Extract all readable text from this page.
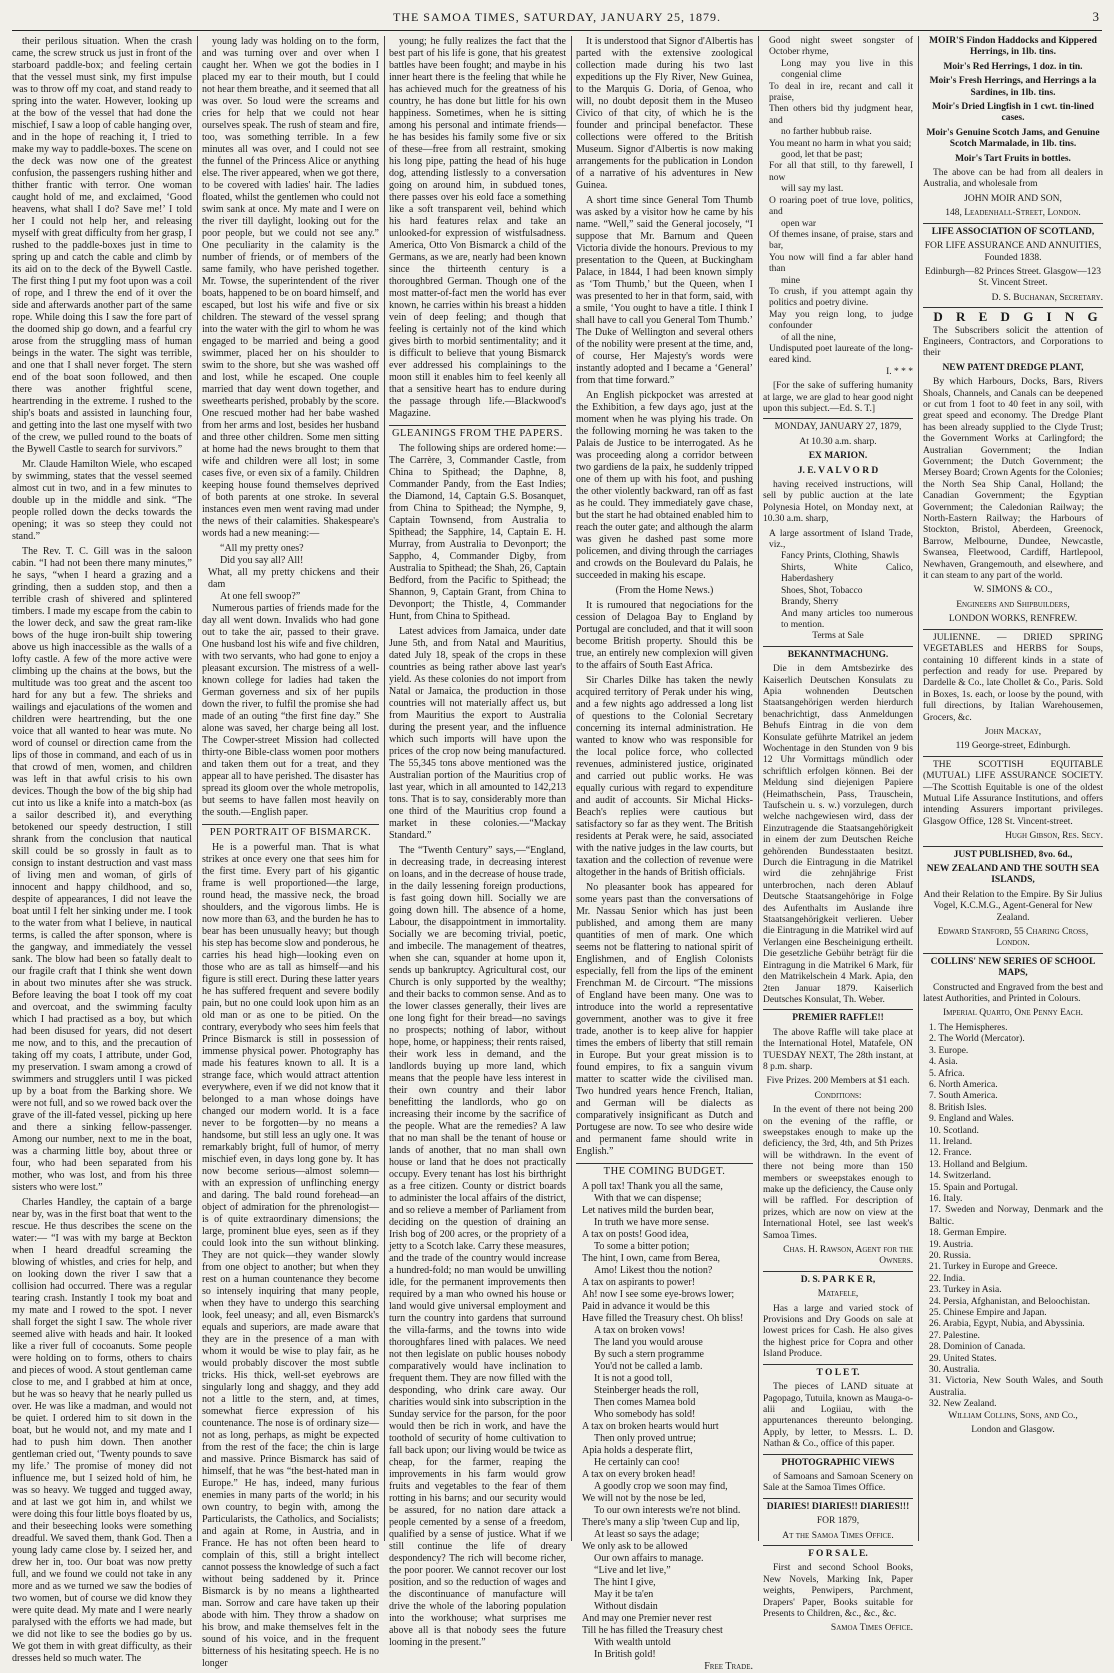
THE SAMOA TIMES, SATURDAY, JANUARY 25, 1879.	3

their perilous situation. When the crash came, the screw struck us just in front of the starboard paddle-box; and feeling certain that the vessel must sink, my first impulse was to throw off my coat, and stand ready to spring into the water. However, looking up at the bow of the vessel that had done the mischief, I saw a loop of cable hanging over, and in the hope of reaching it, I tried to make my way to paddle-boxes. The scene on the deck was now one of the greatest confusion, the passengers rushing hither and thither frantic with terror. One woman caught hold of me, and exclaimed, ‘Good heavens, what shall I do? Save me!’ I told her I could not help her, and releasing myself with great difficulty from her grasp, I rushed to the paddle-boxes just in time to spring up and catch the cable and climb by its aid on to the deck of the Bywell Castle. The first thing I put my foot upon was a coil of rope, and I threw the end of it over the side and afterwards another part of the same rope. While doing this I saw the fore part of the doomed ship go down, and a fearful cry arose from the struggling mass of human beings in the water. The sight was terrible, and one that I shall never forget. The stern end of the boat soon followed, and then there was another frightful scene, heartrending in the extreme. I rushed to the ship's boats and assisted in launching four, and getting into the last one myself with two of the crew, we pulled round to the boats of the Bywell Castle to search for survivors.”

Mr. Claude Hamilton Wiele, who escaped by swimming, states that the vessel seemed almost cut in two, and in a few minutes to double up in the middle and sink. “The people rolled down the decks towards the opening; it was so steep they could not stand.”

The Rev. T. C. Gill was in the saloon cabin. “I had not been there many minutes,” he says, “when I heard a grazing and a grinding, then a sudden stop, and then a terrible crash of shivered and splintered timbers. I made my escape from the cabin to the lower deck, and saw the great ram-like bows of the huge iron-built ship towering above us high inaccessible as the walls of a lofty castle. A few of the more active were climbing up the chains at the bows, but the multitude was too great and the ascent too hard for any but a few. The shrieks and wailings and ejaculations of the women and children were heartrending, but the one voice that all wanted to hear was mute. No word of counsel or direction came from the lips of those in command, and each of us in that crowd of men, women, and children was left in that awful crisis to his own devices. Though the bow of the big ship had cut into us like a knife into a match-box (as a sailor described it), and everything betokened our speedy destruction, I still shrank from the conclusion that nautical skill could be so grossly in fault as to consign to instant destruction and vast mass of living men and woman, of girls of innocent and happy childhood, and so, despite of appearances, I did not leave the boat until I felt her sinking under me. I took to the water from what I believe, in nautical terms, is called the after sponson, where is the gangway, and immediately the vessel sank. The blow had been so fatally dealt to our fragile craft that I think she went down in about two minutes after she was struck. Before leaving the boat I took off my coat and overcoat, and the swimming faculty which I had practised as a boy, but which had been disused for years, did not desert me now, and to this, and the precaution of taking off my coats, I attribute, under God, my preservation. I swam among a crowd of swimmers and strugglers until I was picked up by a boat from the Barking shore. We were not full, and so we rowed back over the grave of the ill-fated vessel, picking up here and there a sinking fellow-passenger. Among our number, next to me in the boat, was a charming little boy, about three or four, who had been separated from his mother, who was lost, and from his three sisters who were lost.”

Charles Handley, the captain of a barge near by, was in the first boat that went to the rescue. He thus describes the scene on the water:— “I was with my barge at Beckton when I heard dreadful screaming the blowing of whistles, and cries for help, and on looking down the river I saw that a collision had occurred. There was a regular tearing crash. Instantly I took my boat and my mate and I rowed to the spot. I never shall forget the sight I saw. The whole river seemed alive with heads and hair. It looked like a river full of cocoanuts. Some people were holding on to forms, others to chairs and pieces of wood. A stout gentleman came close to me, and I grabbed at him at once, but he was so heavy that he nearly pulled us over. He was like a madman, and would not be quiet. I ordered him to sit down in the boat, but he would not, and my mate and I had to push him down. Then another gentleman cried out, ‘Twenty pounds to save my life.’ The promise of money did not influence me, but I seized hold of him, he was so heavy. We tugged and tugged away, and at last we got him in, and whilst we were doing this four little boys floated by us, and their beseeching looks were something dreadful. We saved them, thank God. Then a young lady came close by. I seized her, and drew her in, too. Our boat was now pretty full, and we found we could not take in any more and as we turned we saw the bodies of two women, but of course we did know they were quite dead. My mate and I were nearly paralysed with the efforts we had made, but we did not like to see the bodies go by us. We got them in with great difficulty, as their dresses held so much water. The

young lady was holding on to the form, and was turning over and over when I caught her. When we got the bodies in I placed my ear to their mouth, but I could not hear them breathe, and it seemed that all was over. So loud were the screams and cries for help that we could not hear ourselves speak. The rush of steam and fire, too, was something terrible. In a few minutes all was over, and I could not see the funnel of the Princess Alice or anything else. The river appeared, when we got there, to be covered with ladies' hair. The ladies floated, whilst the gentlemen who could not swim sank at once. My mate and I were on the river till daylight, looking out for the poor people, but we could not see any.” One peculiarity in the calamity is the number of friends, or of members of the same family, who have perished together. Mr. Towse, the superintendent of the river boats, happened to be on board himself, and escaped, but lost his wife and five or six children. The steward of the vessel sprang into the water with the girl to whom he was engaged to be married and being a good swimmer, placed her on his shoulder to swim to the shore, but she was washed off and lost, while he escaped. One couple married that day went down together, and sweethearts perished, probably by the score. One rescued mother had her babe washed from her arms and lost, besides her husband and three other children. Some men sitting at home had the news brought to them that wife and children were all lost; in some cases five, or even six of a family. Children keeping house found themselves deprived of both parents at one stroke. In several instances even men went raving mad under the news of their calamities. Shakespeare's words had a new meaning:—

“All my pretty ones?

Did you say all? All!

What, all my pretty chickens and their dam

At one fell swoop?”

Numerous parties of friends made for the day all went down. Invalids who had gone out to take the air, passed to their grave. One husband lost his wife and five children, with two servants, who had gone to enjoy a pleasant excursion. The mistress of a well-known college for ladies had taken the German governess and six of her pupils down the river, to fulfil the promise she had made of an outing “the first fine day.” She alone was saved, her charge being all lost. The Cowper-street Mission had collected thirty-one Bible-class women poor mothers and taken them out for a treat, and they appear all to have perished. The disaster has spread its gloom over the whole metropolis, but seems to have fallen most heavily on the south.—English paper.

PEN PORTRAIT OF BISMARCK.

He is a powerful man. That is what strikes at once every one that sees him for the first time. Every part of his gigantic frame is well proportioned—the large, round head, the massive neck, the broad shoulders, and the vigorous limbs. He is now more than 63, and the burden he has to bear has been unusually heavy; but though his step has become slow and ponderous, he carries his head high—looking even on those who are as tall as himself—and his figure is still erect. During these latter years he has suffered frequent and severe bodily pain, but no one could look upon him as an old man or as one to be pitied. On the contrary, everybody who sees him feels that Prince Bismarck is still in possession of immense physical power. Photography has made his features known to all. It is a strange face, which would attract attention everywhere, even if we did not know that it belonged to a man whose doings have changed our modern world. It is a face never to be forgotten—by no means a handsome, but still less an ugly one. It was remarkably bright, full of humor, of merry mischief even, in days long gone by. It has now become serious—almost solemn—with an expression of unflinching energy and daring. The bald round forehead—an object of admiration for the phrenologist—is of quite extraordinary dimensions; the large, prominent blue eyes, seen as if they could look into the sun without blinking. They are not quick—they wander slowly from one object to another; but when they rest on a human countenance they become so intensely inquiring that many people, when they have to undergo this searching look, feel uneasy; and all, even Bismarck's equals and superiors, are made aware that they are in the presence of a man with whom it would be wise to play fair, as he would probably discover the most subtle tricks. His thick, well-set eyebrows are singularly long and shaggy, and they add not a little to the stern, and, at times, somewhat fierce expression of his countenance. The nose is of ordinary size—not as long, perhaps, as might be expected from the rest of the face; the chin is large and massive. Prince Bismarck has said of himself, that he was “the best-hated man in Europe.” He has, indeed, many furious enemies in many parts of the world; in his own country, to begin with, among the Particularists, the Catholics, and Socialists; and again at Rome, in Austria, and in France. He has not often been heard to complain of this, still a bright intellect cannot possess the knowledge of such a fact without being saddened by it. Prince Bismarck is by no means a lighthearted man. Sorrow and care have taken up their abode with him. They throw a shadow on his brow, and make themselves felt in the sound of his voice, and in the frequent bitterness of his hesitating speech. He is no longer

young; he fully realizes the fact that the best part of his life is gone, that his greatest battles have been fought; and maybe in his inner heart there is the feeling that while he has achieved much for the greatness of his country, he has done but little for his own happiness. Sometimes, when he is sitting among his personal and intimate friends—he has besides his family some five or six of these—free from all restraint, smoking his long pipe, patting the head of his huge dog, attending listlessly to a conversation going on around him, in subdued tones, there passes over his eold face a something like a soft transparent veil, behind which his hard features relax and take an unlooked-for expression of wistfulsadness. America, Otto Von Bismarck a child of the Germans, as we are, nearly had been known since the thirteenth century is a thoroughbred German. Though one of the most matter-of-fact men the world has ever known, he carries within his breast a hidden vein of deep feeling; and though that feeling is certainly not of the kind which gives birth to morbid sentimentality; and it is difficult to believe that young Bismarck ever addressed his complainings to the moon still it enables him to feel keenly all that a sensitive heart has to endure during the passage through life.—Blackwood's Magazine.

GLEANINGS FROM THE PAPERS.

The following ships are ordered home:—The Carrère, 3, Commander Castle, from China to Spithead; the Daphne, 8, Commander Pandy, from the East Indies; the Diamond, 14, Captain G.S. Bosanquet, from China to Spithead; the Nymphe, 9, Captain Townsend, from Australia to Spithead; the Sapphire, 14, Captain E. H. Murray, from Australia to Devonport; the Sappho, 4, Commander Digby, from Australia to Spithead; the Shah, 26, Captain Bedford, from the Pacific to Spithead; the Shannon, 9, Captain Grant, from China to Devonport; the Thistle, 4, Commander Hunt, from China to Spithead.

Latest advices from Jamaica, under date June 5th, and from Natal and Mauritius, dated July 18, speak of the crops in these countries as being rather above last year's yield. As these colonies do not import from Natal or Jamaica, the production in those countries will not materially affect us, but from Mauritius the export to Australia during the present year, and the influence which such imports will have upon the prices of the crop now being manufactured. The 55,345 tons above mentioned was the Australian portion of the Mauritius crop of last year, which in all amounted to 142,213 tons. That is to say, considerably more than one third of the Mauritius crop found a market in these colonies.—“Mackay Standard.”

The “Twenth Century” says,—“England, in decreasing trade, in decreasing interest on loans, and in the decrease of house trade, in the daily lessening foreign productions, is fast going down hill. Socially we are going down hill. The absence of a home, Labour, the disappointment in immortality. Socially we are becoming trivial, poetic, and imbecile. The management of theatres, when she can, squander at home upon it, sends up bankruptcy. Agricultural cost, our Church is only supported by the wealthy; and their backs to common sense. And as to the lower classes generally, their lives are one long fight for their bread—no savings no prospects; nothing of labor, without hope, home, or happiness; their rents raised, their work less in demand, and the landlords buying up more land, which means that the people have less interest in their own country and their labor benefitting the landlords, who go on increasing their income by the sacrifice of the people. What are the remedies? A law that no man shall be the tenant of house or lands of another, that no man shall own house or land that he does not practically occupy. Every tenant has lost his birthright as a free citizen. County or district boards to administer the local affairs of the district, and so relieve a member of Parliament from deciding on the question of draining an Irish bog of 200 acres, or the propriety of a jetty to a Scotch lake. Carry these measures, and the trade of the country would increase a hundred-fold; no man would be unwilling idle, for the permanent improvements then required by a man who owned his house or land would give universal employment and turn the country into gardens that surround the villa-farms, and the towns into wide thoroughfares lined with palaces. We need not then legislate on public houses nobody comparatively would have inclination to frequent them. They are now filled with the desponding, who drink care away. Our charities would sink into subscription in the Sunday service for the parson, for the poor would then be rich in work, and have the toothold of security of home cultivation to fall back upon; our living would be twice as cheap, for the farmer, reaping the improvements in his farm would grow fruits and vegetables to the fear of them rotting in his barns; and our security would be assured, for no nation dare attack a people cemented by a sense of a freedom, qualified by a sense of justice. What if we still continue the life of dreary despondency? The rich will become richer, the poor poorer. We cannot recover our lost position, and so the reduction of wages and the discontinuance of manufacture will drive the whole of the laboring population into the workhouse; what surprises me above all is that nobody sees the future looming in the present.”

It is understood that Signor d'Albertis has parted with the extensive zoological collection made during his two last expeditions up the Fly River, New Guinea, to the Marquis G. Doria, of Genoa, who will, no doubt deposit them in the Museo Civico of that city, of which he is the founder and principal benefactor. These collections were offered to the British Museum. Signor d'Albertis is now making arrangements for the publication in London of a narrative of his adventures in New Guinea.

A short time since General Tom Thumb was asked by a visitor how he came by his name. “Well,” said the General jocosely, “I suppose that Mr. Barnum and Queen Victoria divide the honours. Previous to my presentation to the Queen, at Buckingham Palace, in 1844, I had been known simply as ‘Tom Thumb,’ but the Queen, when I was presented to her in that form, said, with a smile, ‘You ought to have a title. I think I shall have to call you General Tom Thumb.’ The Duke of Wellington and several others of the nobility were present at the time, and, of course, Her Majesty's words were instantly adopted and I became a ‘General’ from that time forward.”

An English pickpocket was arrested at the Exhibition, a few days ago, just at the moment when he was plying his trade. On the following morning he was taken to the Palais de Justice to be interrogated. As he was proceeding along a corridor between two gardiens de la paix, he suddenly tripped one of them up with his foot, and pushing the other violently backward, ran off as fast as he could. They immediately gave chase, but the start he had obtained enabled him to reach the outer gate; and although the alarm was given he dashed past some more policemen, and diving through the carriages and crowds on the Boulevard du Palais, he succeeded in making his escape.

(From the Home News.)

It is rumoured that negociations for the cession of Delagoa Bay to England by Portugal are concluded, and that it will soon become British property. Should this be true, an entirely new complexion will given to the affairs of South East Africa.

Sir Charles Dilke has taken the newly acquired territory of Perak under his wing, and a few nights ago addressed a long list of questions to the Colonial Secretary concerning its internal administration. He wanted to know who was responsible for the local police force, who collected revenues, administered justice, originated and carried out public works. He was equally curious with regard to expenditure and audit of accounts. Sir Michal Hicks-Beach's replies were cautious but satisfactory so far as they went. The British residents at Perak were, he said, associated with the native judges in the law courts, but taxation and the collection of revenue were altogether in the hands of British officials.

No pleasanter book has appeared for some years past than the conversations of Mr. Nassau Senior which has just been published, and among them are many quantities of men of mark. One which seems not be flattering to national spirit of Englishmen, and of English Colonists especially, fell from the lips of the eminent Frenchman M. de Circourt. “The missions of England have been many. One was to introduce into the world a representative government, another was to give it free trade, another is to keep alive for happier times the embers of liberty that still remain in Europe. But your great mission is to found empires, to fix a sanguin vivum matter to scatter wide the civilised man. Two hundred years hence French, Italian, and German will be dialects as comparatively insignificant as Dutch and Portugese are now. To see who desire wide and permanent fame should write in English.”

THE COMING BUDGET.

A poll tax! Thank you all the same,

With that we can dispense;

Let natives mild the burden bear,

In truth we have more sense.

A tax on posts! Good idea,

To some a bitter potion;

The hint, I own, came from Berea,

Amo! Likest thou the notion?

A tax on aspirants to power!

Ah! now I see some eye-brows lower;

Paid in advance it would be this

Have filled the Treasury chest. Oh bliss!

A tax on broken vows!

The land you would arouse

By such a stern programme

You'd not be called a lamb.

It is not a good toll,

Steinberger heads the roll,

Then comes Mamea bold

Who somebody has sold!

A tax on broken hearts would hurt

Then only proved untrue;

Apia holds a desperate flirt,

He certainly can coo!

A tax on every broken head!

A goodly crop we soon may find,

We will not by the nose be led,

To our own interests we're not blind.

There's many a slip 'tween Cup and lip,

At least so says the adage;

We only ask to be allowed

Our own affairs to manage.

“Live and let live,”

The hint I give,

May it be ta'en

Without disdain

And may one Premier never rest

Till he has filled the Treasury chest

With wealth untold

In British gold!

Free Trade.

Good night sweet songster of October rhyme,

Long may you live in this congenial clime

To deal in ire, recant and call it praise,

Then others bid thy judgment hear, and

no farther hubbub raise.

You meant no harm in what you said;

good, let that be past;

For all that still, to thy farewell, I now

will say my last.

O roaring poet of true love, politics, and

open war

Of themes insane, of praise, stars and bar,

You now will find a far abler hand than

mine

To crush, if you attempt again thy politics and poetry divine.

May you reign long, to judge confounder

of all the nine,

Undisputed poet laureate of the long-eared kind.

I. * * *

[For the sake of suffering humanity at large, we are glad to hear good night upon this subject.—Ed. S. T.]

MONDAY, JANUARY 27, 1879,

At 10.30 a.m. sharp.

EX MARION.

J. E. V A L V O R D

having received instructions, will sell by public auction at the late Polynesia Hotel, on Monday next, at 10.30 a.m. sharp,

A large assortment of Island Trade, viz.,

Fancy Prints, Clothing, Shawls

Shirts, White Calico, Haberdashery

Shoes, Shot, Tobacco

Brandy, Sherry

And many articles too numerous to mention.

Terms at Sale

BEKANNTMACHUNG.

Die in dem Amtsbezirke des Kaiserlich Deutschen Konsulats zu Apia wohnenden Deutschen Staatsangehörigen werden hierdurch benachrichtigt, dass Anmeldungen Behufs Eintrag in die von dem Konsulate geführte Matrikel an jedem Wochentage in den Stunden von 9 bis 12 Uhr Vormittags mündlich oder schriftlich erfolgen können. Bei der Meldung sind diejenigen Papiere (Heimathschein, Pass, Trauschein, Taufschein u. s. w.) vorzulegen, durch welche nachgewiesen wird, dass der Einzutragende die Staatsangehörigkeit in einem der zum Deutschen Reiche gehörenden Bundesstaaten besitzt. Durch die Eintragung in die Matrikel wird die zehnjährige Frist unterbrochen, nach deren Ablauf Deutsche Staatsangehörige in Folge des Aufenthalts im Auslande ihre Staatsangehörigkeit verlieren. Ueber die Eintragung in die Matrikel wird auf Verlangen eine Bescheinigung ertheilt. Die gesetzliche Gebühr beträgt für die Eintragung in die Matrikel 6 Mark, für den Matrikelschein 4 Mark. Apia, den 2ten Januar 1879. Kaiserlich Deutsches Konsulat, Th. Weber.

PREMIER RAFFLE!!

The above Raffle will take place at the International Hotel, Matafele, ON TUESDAY NEXT, The 28th instant, at 8 p.m. sharp.

Five Prizes. 200 Members at $1 each.

Conditions:

In the event of there not being 200 on the evening of the raffle, or sweepstakes enough to make up the deficiency, the 3rd, 4th, and 5th Prizes will be withdrawn. In the event of there not being more than 150 members or sweepstakes enough to make up the deficiency, the Cause only will be raffled. For description of prizes, which are now on view at the International Hotel, see last week's Samoa Times.

Chas. H. Rawson, Agent for the Owners.

D. S. P A R K E R,

Matafele,

Has a large and varied stock of Provisions and Dry Goods on sale at lowest prices for Cash. He also gives the highest price for Copra and other Island Produce.

T O L E T.

The pieces of LAND situate at Pagopago, Tutuila, known as Mauga-o-alii and Logiiau, with the appurtenances thereunto belonging. Apply, by letter, to Messrs. L. D. Nathan & Co., office of this paper.

PHOTOGRAPHIC VIEWS

of Samoans and Samoan Scenery on Sale at the Samoa Times Office.

DIARIES! DIARIES!! DIARIES!!!

FOR 1879,

At the Samoa Times Office.

F O R S A L E.

First and second School Books, New Novels, Marking Ink, Paper weights, Penwipers, Parchment, Drapers' Paper, Books suitable for Presents to Children, &c., &c., &c.

Samoa Times Office.

MOIR'S Findon Haddocks and Kippered Herrings, in 1lb. tins.

Moir's Red Herrings, 1 doz. in tin.

Moir's Fresh Herrings, and Herrings a la Sardines, in 1lb. tins.

Moir's Dried Lingfish in 1 cwt. tin-lined cases.

Moir's Genuine Scotch Jams, and Genuine Scotch Marmalade, in 1lb. tins.

Moir's Tart Fruits in bottles.

The above can be had from all dealers in Australia, and wholesale from

JOHN MOIR AND SON,

148, Leadenhall-Street, London.

LIFE ASSOCIATION OF SCOTLAND,

FOR LIFE ASSURANCE AND ANNUITIES, Founded 1838.

Edinburgh—82 Princes Street. Glasgow—123 St. Vincent Street.

D. S. Buchanan, Secretary.

D R E D G I N G

The Subscribers solicit the attention of Engineers, Contractors, and Corporations to their

NEW PATENT DREDGE PLANT,

By which Harbours, Docks, Bars, Rivers Shoals, Channels, and Canals can be deepened or cut from 1 foot to 40 feet in any soil, with great speed and economy. The Dredge Plant has been already supplied to the Clyde Trust; the Government Works at Carlingford; the Australian Government; the Indian Government; the Dutch Government; the Mersey Board; Crown Agents for the Colonies; the North Sea Ship Canal, Holland; the Canadian Government; the Egyptian Government; the Caledonian Railway; the North-Eastern Railway; the Harbours of Stockton, Bristol, Aberdeen, Greenock, Barrow, Melbourne, Dundee, Newcastle, Swansea, Fleetwood, Cardiff, Hartlepool, Newhaven, Grangemouth, and elsewhere, and it can steam to any part of the world.

W. SIMONS & CO.,

Engineers and Shipbuilders,

LONDON WORKS, RENFREW.

JULIENNE. — DRIED SPRING VEGETABLES and HERBS for Soups, containing 10 different kinds in a state of perfection and ready for use. Prepared by Dardelle & Co., late Chollet & Co., Paris. Sold in Boxes, 1s. each, or loose by the pound, with full directions, by Italian Warehousemen, Grocers, &c.

John Mackay,

119 George-street, Edinburgh.

THE SCOTTISH EQUITABLE (MUTUAL) LIFE ASSURANCE SOCIETY.—The Scottish Equitable is one of the oldest Mutual Life Assurance Institutions, and offers intending Assurers important privileges. Glasgow Office, 128 St. Vincent-street.

Hugh Gibson, Res. Secy.

JUST PUBLISHED, 8vo. 6d.,

NEW ZEALAND AND THE SOUTH SEA ISLANDS,

And their Relation to the Empire. By Sir Julius Vogel, K.C.M.G., Agent-General for New Zealand.

Edward Stanford, 55 Charing Cross, London.

COLLINS' NEW SERIES OF SCHOOL MAPS,

Constructed and Engraved from the best and latest Authorities, and Printed in Colours.

Imperial Quarto, One Penny Each.

1. The Hemispheres.
2. The World (Mercator).
3. Europe.
4. Asia.
5. Africa.
6. North America.
7. South America.
8. British Isles.
9. England and Wales.
10. Scotland.
11. Ireland.
12. France.
13. Holland and Belgium.
14. Switzerland.
15. Spain and Portugal.
16. Italy.
17. Sweden and Norway, Denmark and the Baltic.
18. German Empire.
19. Austria.
20. Russia.
21. Turkey in Europe and Greece.
22. India.
23. Turkey in Asia.
24. Persia, Afghanistan, and Beloochistan.
25. Chinese Empire and Japan.
26. Arabia, Egypt, Nubia, and Abyssinia.
27. Palestine.
28. Dominion of Canada.
29. United States.
30. Australia.
31. Victoria, New South Wales, and South Australia.
32. New Zealand.

William Collins, Sons, and Co.,

London and Glasgow.
